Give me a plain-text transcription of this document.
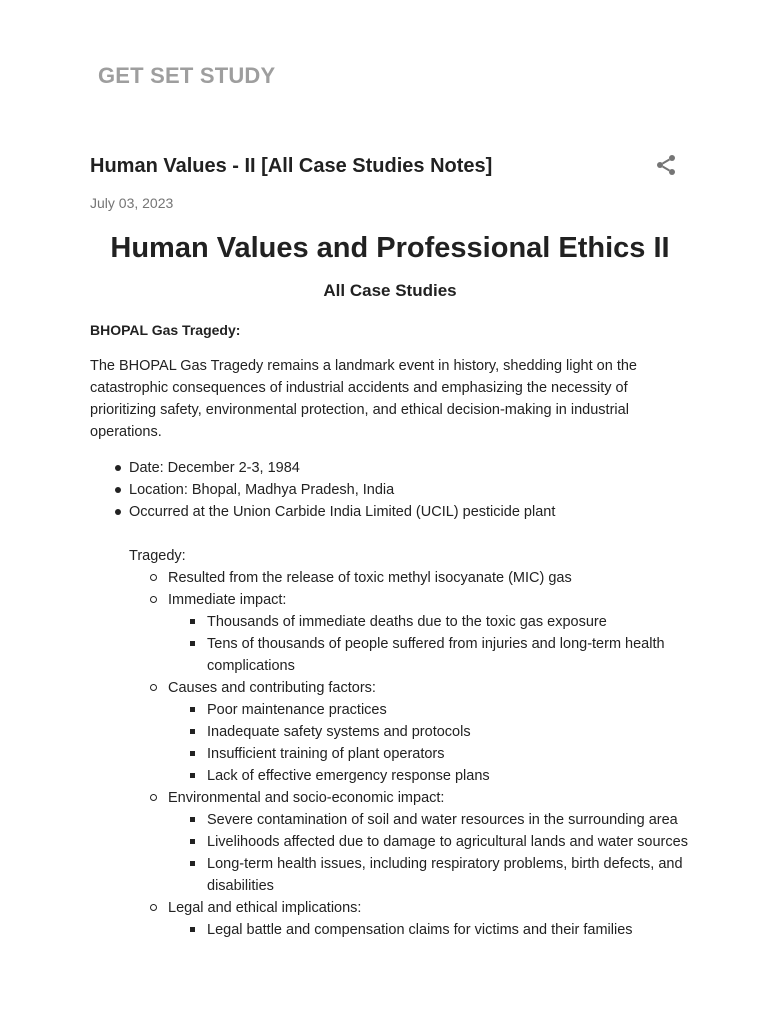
GET SET STUDY
Human Values - II [All Case Studies Notes]
July 03, 2023
Human Values and Professional Ethics II
All Case Studies
BHOPAL Gas Tragedy:
The BHOPAL Gas Tragedy remains a landmark event in history, shedding light on the catastrophic consequences of industrial accidents and emphasizing the necessity of prioritizing safety, environmental protection, and ethical decision-making in industrial operations.
Date: December 2-3, 1984
Location: Bhopal, Madhya Pradesh, India
Occurred at the Union Carbide India Limited (UCIL) pesticide plant
Tragedy:
Resulted from the release of toxic methyl isocyanate (MIC) gas
Immediate impact:
Thousands of immediate deaths due to the toxic gas exposure
Tens of thousands of people suffered from injuries and long-term health complications
Causes and contributing factors:
Poor maintenance practices
Inadequate safety systems and protocols
Insufficient training of plant operators
Lack of effective emergency response plans
Environmental and socio-economic impact:
Severe contamination of soil and water resources in the surrounding area
Livelihoods affected due to damage to agricultural lands and water sources
Long-term health issues, including respiratory problems, birth defects, and disabilities
Legal and ethical implications:
Legal battle and compensation claims for victims and their families
